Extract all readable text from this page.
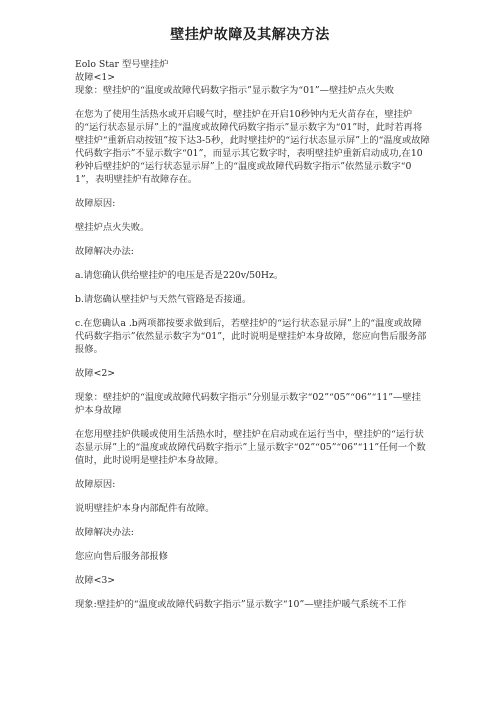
壁挂炉故障及其解决方法

Eolo Star 型号壁挂炉

故障<1>

现象：壁挂炉的“温度或故障代码数字指示”显示数字为“01”—壁挂炉点火失败

在您为了使用生活热水或开启暖气时，壁挂炉在开启10秒钟内无火苗存在，壁挂炉的“运行状态显示屏”上的“温度或故障代码数字指示”显示数字为“01”时，此时若再将壁挂炉“重新启动按钮”按下达3-5秒，此时壁挂炉的“运行状态显示屏”上的“温度或故障代码数字指示”不显示数字“01”，而显示其它数字时，表明壁挂炉重新启动成功,在10秒钟后壁挂炉的“运行状态显示屏”上的“温度或故障代码数字指示”依然显示数字“01”，表明壁挂炉有故障存在。

故障原因:

壁挂炉点火失败。

故障解决办法:

a.请您确认供给壁挂炉的电压是否是220v/50Hz。

b.请您确认壁挂炉与天然气管路是否接通。

c.在您确认a .b两项都按要求做到后，若壁挂炉的“运行状态显示屏”上的“温度或故障代码数字指示”依然显示数字为“01”，此时说明是壁挂炉本身故障，您应向售后服务部报修。

故障<2>

现象：壁挂炉的“温度或故障代码数字指示”分别显示数字“02”“05”“06”“11”—壁挂炉本身故障

在您用壁挂炉供暖或使用生活热水时，壁挂炉在启动或在运行当中，壁挂炉的“运行状态显示屏”上的“温度或故障代码数字指示”上显示数字“02”“05”“06”“11”任何一个数值时，此时说明是壁挂炉本身故障。

故障原因:

说明壁挂炉本身内部配件有故障。

故障解决办法:

您应向售后服务部报修

故障<3>

现象:壁挂炉的“温度或故障代码数字指示”显示数字“10”—壁挂炉暖气系统不工作
